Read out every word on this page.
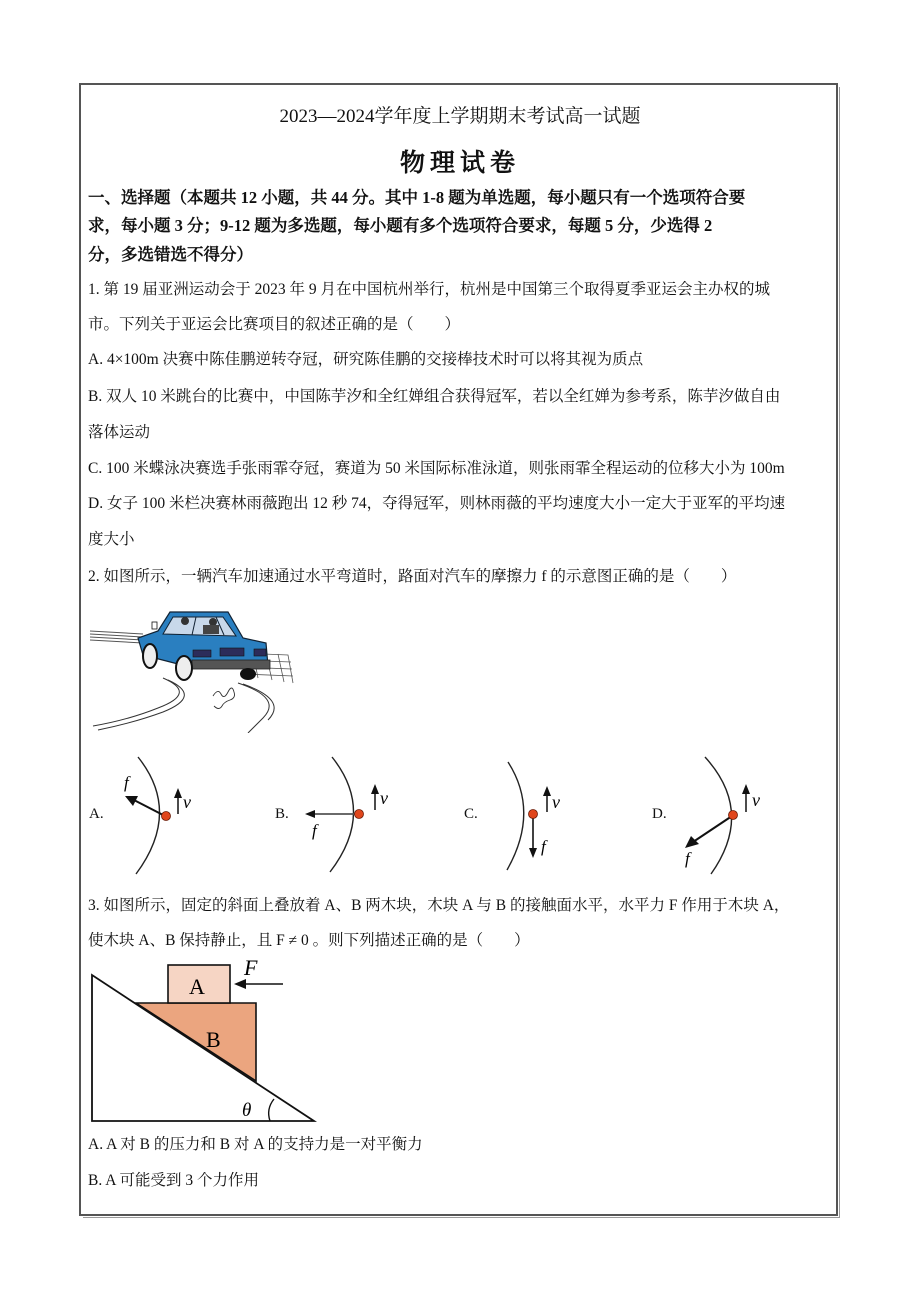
2023—2024学年度上学期期末考试高一试题
物理试卷
一、选择题（本题共 12 小题，共 44 分。其中 1-8 题为单选题，每小题只有一个选项符合要
求，每小题 3 分；9-12 题为多选题，每小题有多个选项符合要求，每题 5 分，少选得 2
分，多选错选不得分）
1. 第 19 届亚洲运动会于 2023 年 9 月在中国杭州举行，杭州是中国第三个取得夏季亚运会主办权的城
市。下列关于亚运会比赛项目的叙述正确的是（　　）
A. 4×100m 决赛中陈佳鹏逆转夺冠，研究陈佳鹏的交接棒技术时可以将其视为质点
B. 双人 10 米跳台的比赛中，中国陈芋汐和全红婵组合获得冠军，若以全红婵为参考系，陈芋汐做自由
落体运动
C. 100 米蝶泳决赛选手张雨霏夺冠，赛道为 50 米国际标准泳道，则张雨霏全程运动的位移大小为 100m
D. 女子 100 米栏决赛林雨薇跑出 12 秒 74，夺得冠军，则林雨薇的平均速度大小一定大于亚军的平均速
度大小
2. 如图所示，一辆汽车加速通过水平弯道时，路面对汽车的摩擦力 f 的示意图正确的是（　　）
A.
f
v
B.
f
v
C.
f
v
D.
f
v
3. 如图所示，固定的斜面上叠放着 A、B 两木块，木块 A 与 B 的接触面水平，水平力 F 作用于木块 A，
使木块 A、B 保持静止，且 F ≠ 0 。则下列描述正确的是（　　）
A
B
F
θ
A. A 对 B 的压力和 B 对 A 的支持力是一对平衡力
B. A 可能受到 3 个力作用
